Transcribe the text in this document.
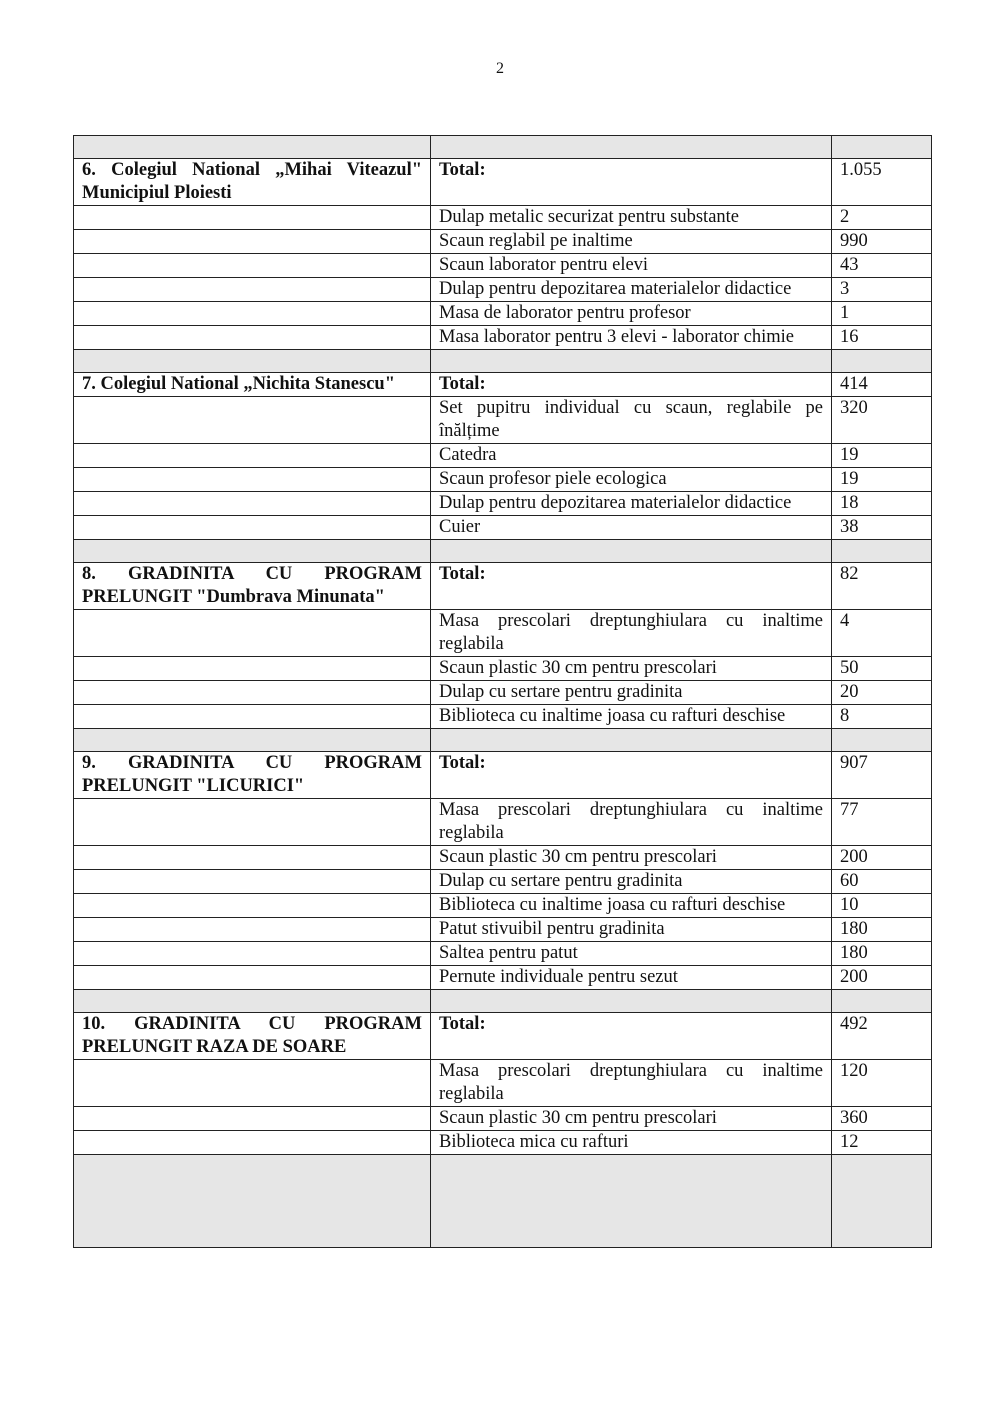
2

6. Colegiul National „Mihai Viteazul" Municipiul Ploiesti	Total:	1.055
	Dulap metalic securizat pentru substante	2
	Scaun reglabil pe inaltime	990
	Scaun laborator pentru elevi	43
	Dulap pentru depozitarea materialelor didactice	3
	Masa de laborator pentru profesor	1
	Masa laborator pentru 3 elevi - laborator chimie	16

7. Colegiul National „Nichita Stanescu"	Total:	414
	Set pupitru individual cu scaun, reglabile pe înălțime	320
	Catedra	19
	Scaun profesor piele ecologica	19
	Dulap pentru depozitarea materialelor didactice	18
	Cuier	38

8. GRADINITA CU PROGRAM PRELUNGIT "Dumbrava Minunata"	Total:	82
	Masa prescolari dreptunghiulara cu inaltime reglabila	4
	Scaun plastic 30 cm pentru prescolari	50
	Dulap cu sertare pentru gradinita	20
	Biblioteca cu inaltime joasa cu rafturi deschise	8

9. GRADINITA CU PROGRAM PRELUNGIT "LICURICI"	Total:	907
	Masa prescolari dreptunghiulara cu inaltime reglabila	77
	Scaun plastic 30 cm pentru prescolari	200
	Dulap cu sertare pentru gradinita	60
	Biblioteca cu inaltime joasa cu rafturi deschise	10
	Patut stivuibil pentru gradinita	180
	Saltea pentru patut	180
	Pernute individuale pentru sezut	200

10. GRADINITA CU PROGRAM PRELUNGIT RAZA DE SOARE	Total:	492
	Masa prescolari dreptunghiulara cu inaltime reglabila	120
	Scaun plastic 30 cm pentru prescolari	360
	Biblioteca mica cu rafturi	12
